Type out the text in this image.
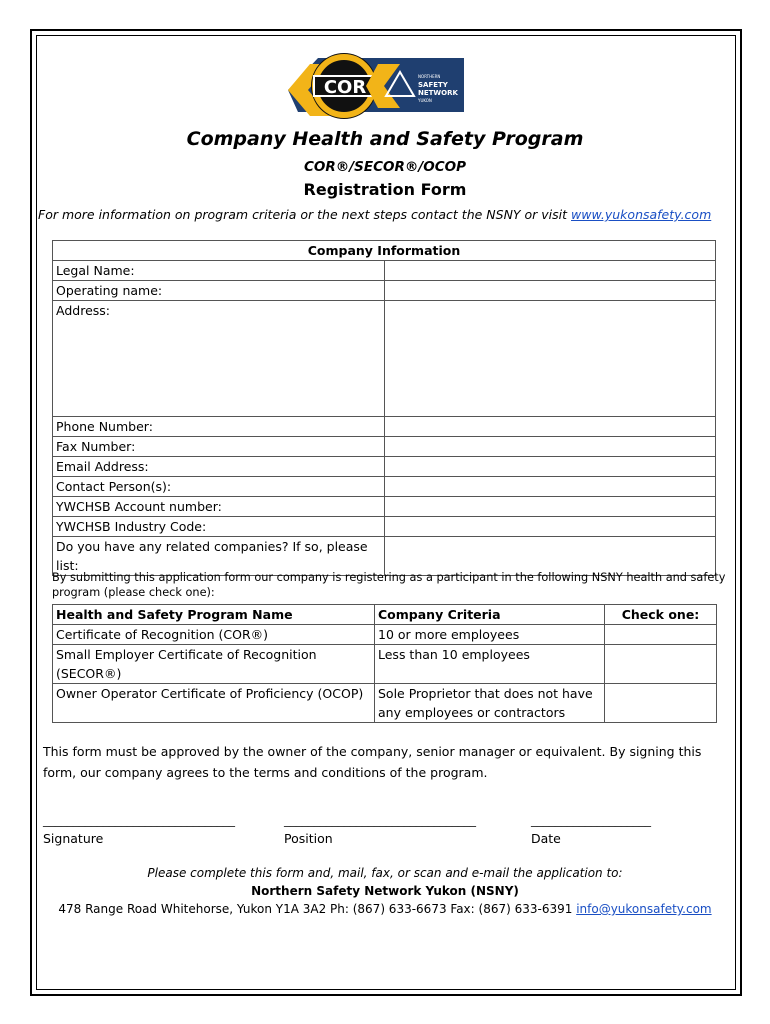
COR
NORTHERN
SAFETY
NETWORK
YUKON
Company Health and Safety Program
COR®/SECOR®/OCOP
Registration Form
For more information on program criteria or the next steps contact the NSNY or visit www.yukonsafety.com
Company Information	
Legal Name:	
Operating name:	
Address:	
Phone Number:	
Fax Number:	
Email Address:	
Contact Person(s):	
YWCHSB Account number:	
YWCHSB Industry Code:	
Do you have any related companies? If so, please list:	
By submitting this application form our company is registering as a participant in the following NSNY health and safety program (please check one):
Health and Safety Program Name	Company Criteria	Check one:
Certificate of Recognition (COR®)	10 or more employees	
Small Employer Certificate of Recognition (SECOR®)	Less than 10 employees	
Owner Operator Certificate of Proficiency (OCOP)	Sole Proprietor that does not have any employees or contractors	
This form must be approved by the owner of the company, senior manager or equivalent. By signing this form, our company agrees to the terms and conditions of the program.
________________________________	________________________________	____________________
Signature	Position	Date
Please complete this form and, mail, fax, or scan and e-mail the application to:
Northern Safety Network Yukon (NSNY)
478 Range Road Whitehorse, Yukon Y1A 3A2 Ph: (867) 633-6673 Fax: (867) 633-6391 info@yukonsafety.com
